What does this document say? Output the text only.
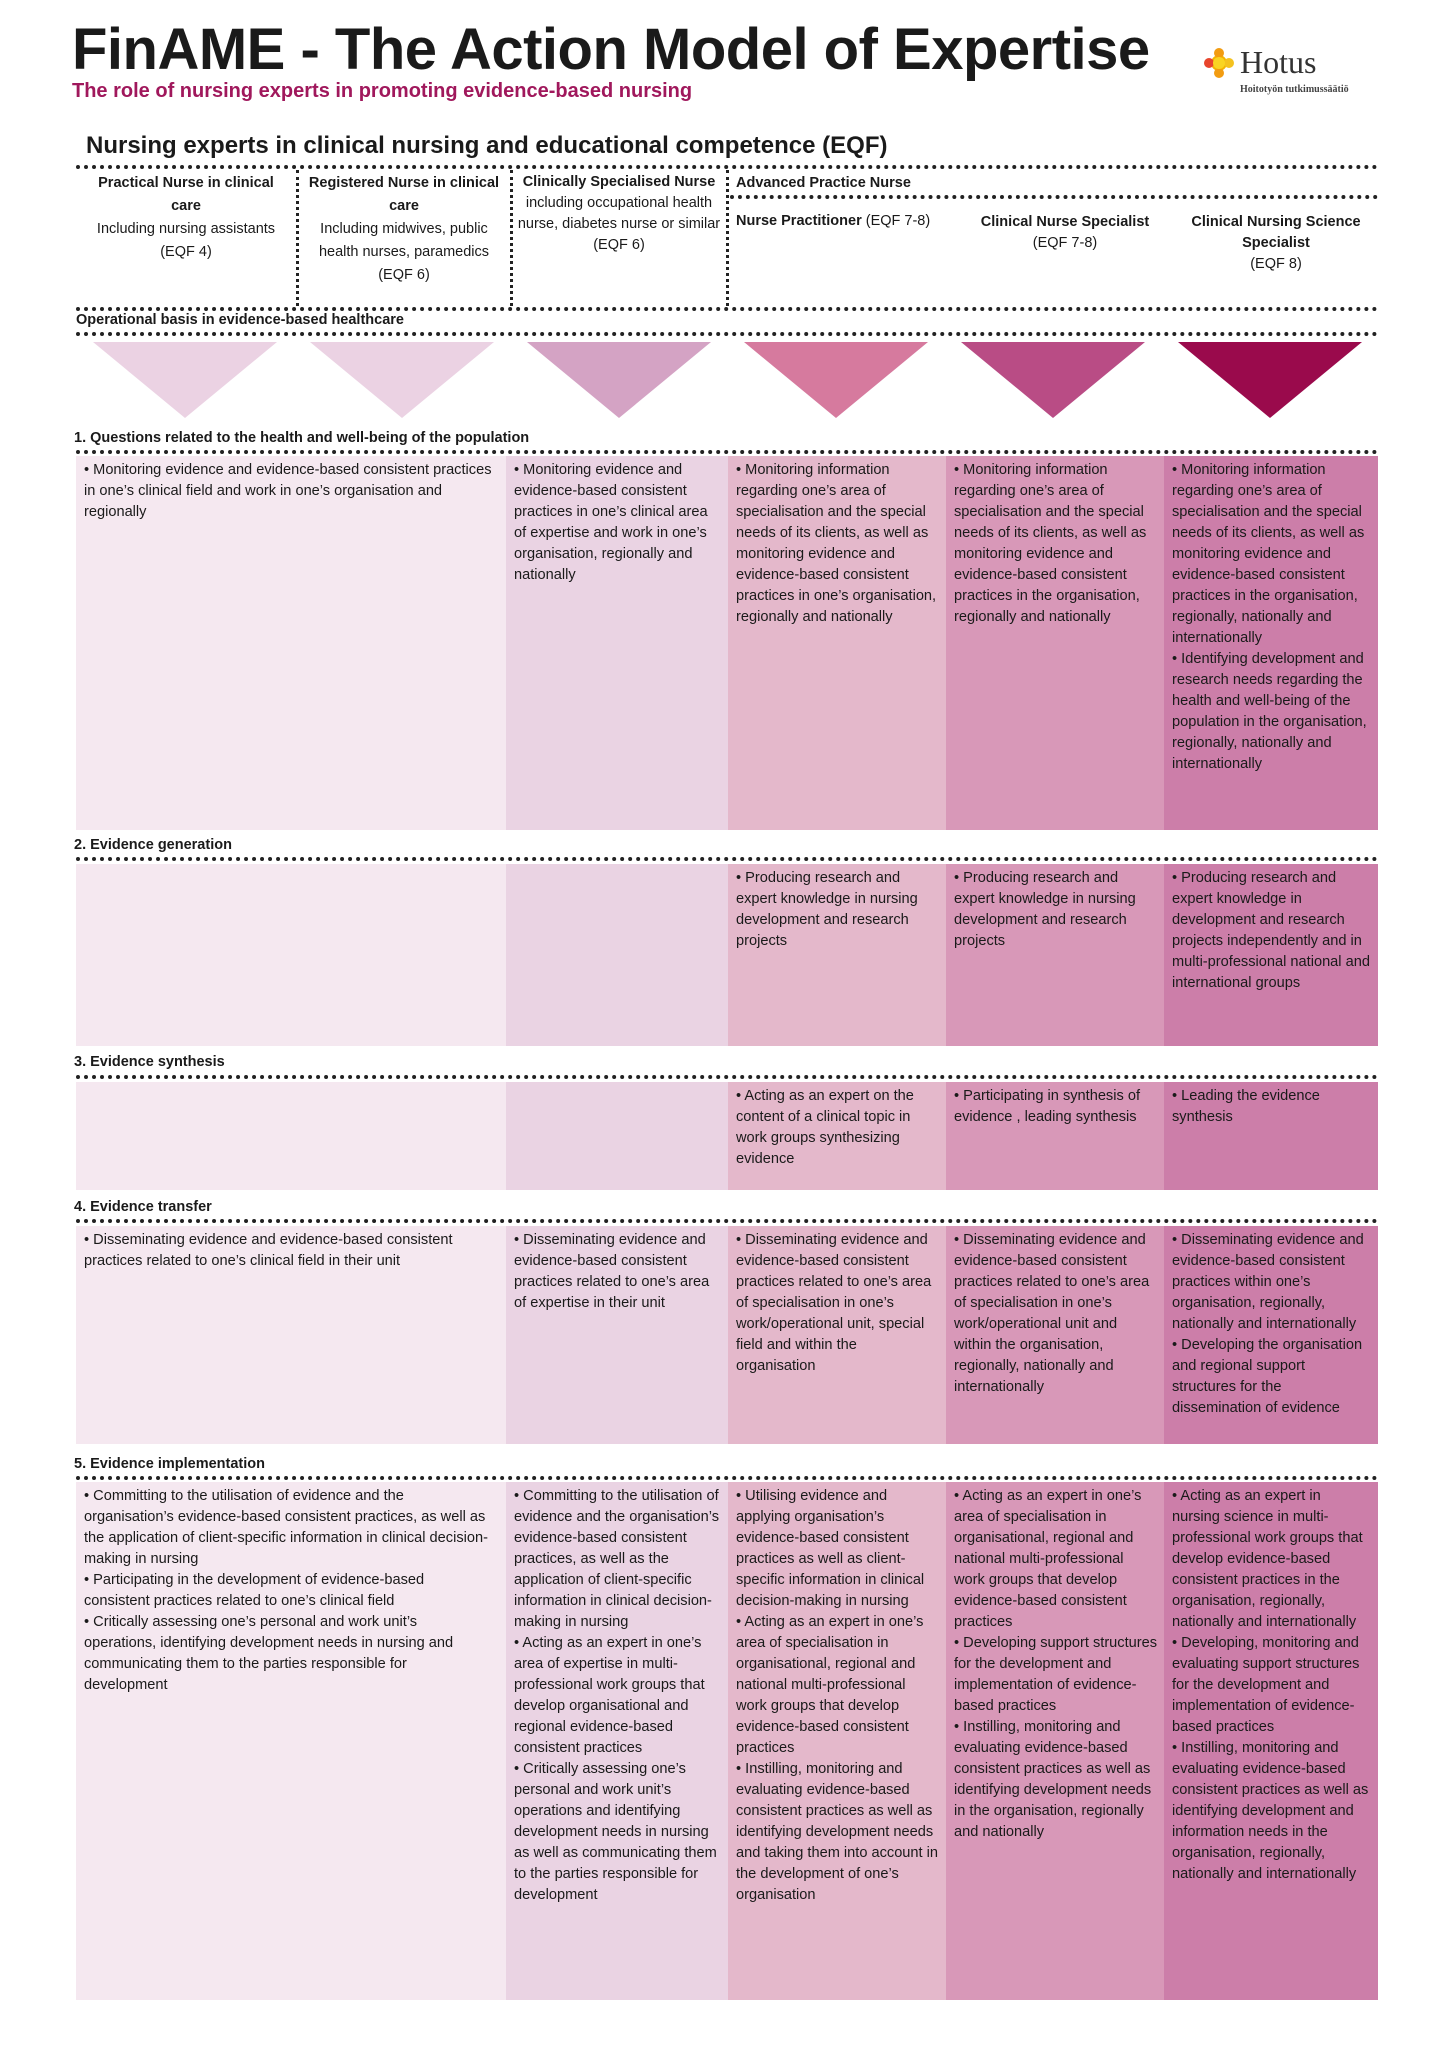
FinAME - The Action Model of Expertise
The role of nursing experts in promoting evidence-based nursing
Hotus
Hoitotyön tutkimussäätiö
Nursing experts in clinical nursing and educational competence (EQF)
Practical Nurse in clinical care
Including nursing assistants
(EQF 4)
Registered Nurse in clinical care
Including midwives, public health nurses, paramedics
(EQF 6)
Clinically Specialised Nurse
including occupational health nurse, diabetes nurse or similar
(EQF 6)
Advanced Practice Nurse
Nurse Practitioner (EQF 7-8)	Clinical Nurse Specialist
(EQF 7-8)
Clinical Nursing Science Specialist
(EQF 8)
Operational basis in evidence-based healthcare
1. Questions related to the health and well-being of the population
• Monitoring evidence and evidence-based consistent practices in one’s clinical field and work in one’s organisation and regionally
• Monitoring evidence and evidence-based consistent practices in one’s clinical area of expertise and work in one’s organisation, regionally and nationally
• Monitoring information regarding one’s area of specialisation and the special needs of its clients, as well as monitoring evidence and evidence-based consistent practices in one’s organisation, regionally and nationally
• Monitoring information regarding one’s area of specialisation and the special needs of its clients, as well as monitoring evidence and evidence-based consistent practices in the organisation, regionally and nationally
• Monitoring information regarding one’s area of specialisation and the special needs of its clients, as well as monitoring evidence and evidence-based consistent practices in the organisation, regionally, nationally and internationally
• Identifying development and research needs regarding the health and well-being of the population in the organisation, regionally, nationally and internationally
2. Evidence generation
• Producing research and expert knowledge in nursing development and research projects
• Producing research and expert knowledge in nursing development and research projects
• Producing research and expert knowledge in development and research projects independently and in multi-professional national and international groups
3. Evidence synthesis
• Acting as an expert on the content of a clinical topic in work groups synthesizing evidence
• Participating in synthesis of evidence , leading synthesis
• Leading the evidence synthesis
4. Evidence transfer
• Disseminating evidence and evidence-based consistent practices related to one’s clinical field in their unit
• Disseminating evidence and evidence-based consistent practices related to one’s area of expertise in their unit
• Disseminating evidence and evidence-based consistent practices related to one’s area of specialisation in one’s work/operational unit, special field and within the organisation
• Disseminating evidence and evidence-based consistent practices related to one’s area of specialisation in one’s work/operational unit and within the organisation, regionally, nationally and internationally
• Disseminating evidence and evidence-based consistent practices within one’s organisation, regionally, nationally and internationally
• Developing the organisation and regional support structures for the dissemination of evidence
5. Evidence implementation
• Committing to the utilisation of evidence and the organisation’s evidence-based consistent practices, as well as the application of client-specific information in clinical decision-making in nursing
• Participating in the development of evidence-based consistent practices related to one’s clinical field
• Critically assessing one’s personal and work unit’s operations, identifying development needs in nursing and communicating them to the parties responsible for development
• Committing to the utilisation of evidence and the organisation’s evidence-based consistent practices, as well as the application of client-specific information in clinical decision-making in nursing
• Acting as an expert in one’s area of expertise in multi-professional work groups that develop organisational and regional evidence-based consistent practices
• Critically assessing one’s personal and work unit’s operations and identifying development needs in nursing as well as communicating them to the parties responsible for development
• Utilising evidence and applying organisation’s evidence-based consistent practices as well as client-specific information in clinical decision-making in nursing
• Acting as an expert in one’s area of specialisation in organisational, regional and national multi-professional work groups that develop evidence-based consistent practices
• Instilling, monitoring and evaluating evidence-based consistent practices as well as identifying development needs and taking them into account in the development of one’s organisation
• Acting as an expert in one’s area of specialisation in organisational, regional and national multi-professional work groups that develop evidence-based consistent practices
• Developing support structures for the development and implementation of evidence-based practices
• Instilling, monitoring and evaluating evidence-based consistent practices as well as identifying development needs in the organisation, regionally and nationally
• Acting as an expert in nursing science in multi-professional work groups that develop evidence-based consistent practices in the organisation, regionally, nationally and internationally
• Developing, monitoring and evaluating support structures for the development and implementation of evidence-based practices
• Instilling, monitoring and evaluating evidence-based consistent practices as well as identifying development and information needs in the organisation, regionally, nationally and internationally
